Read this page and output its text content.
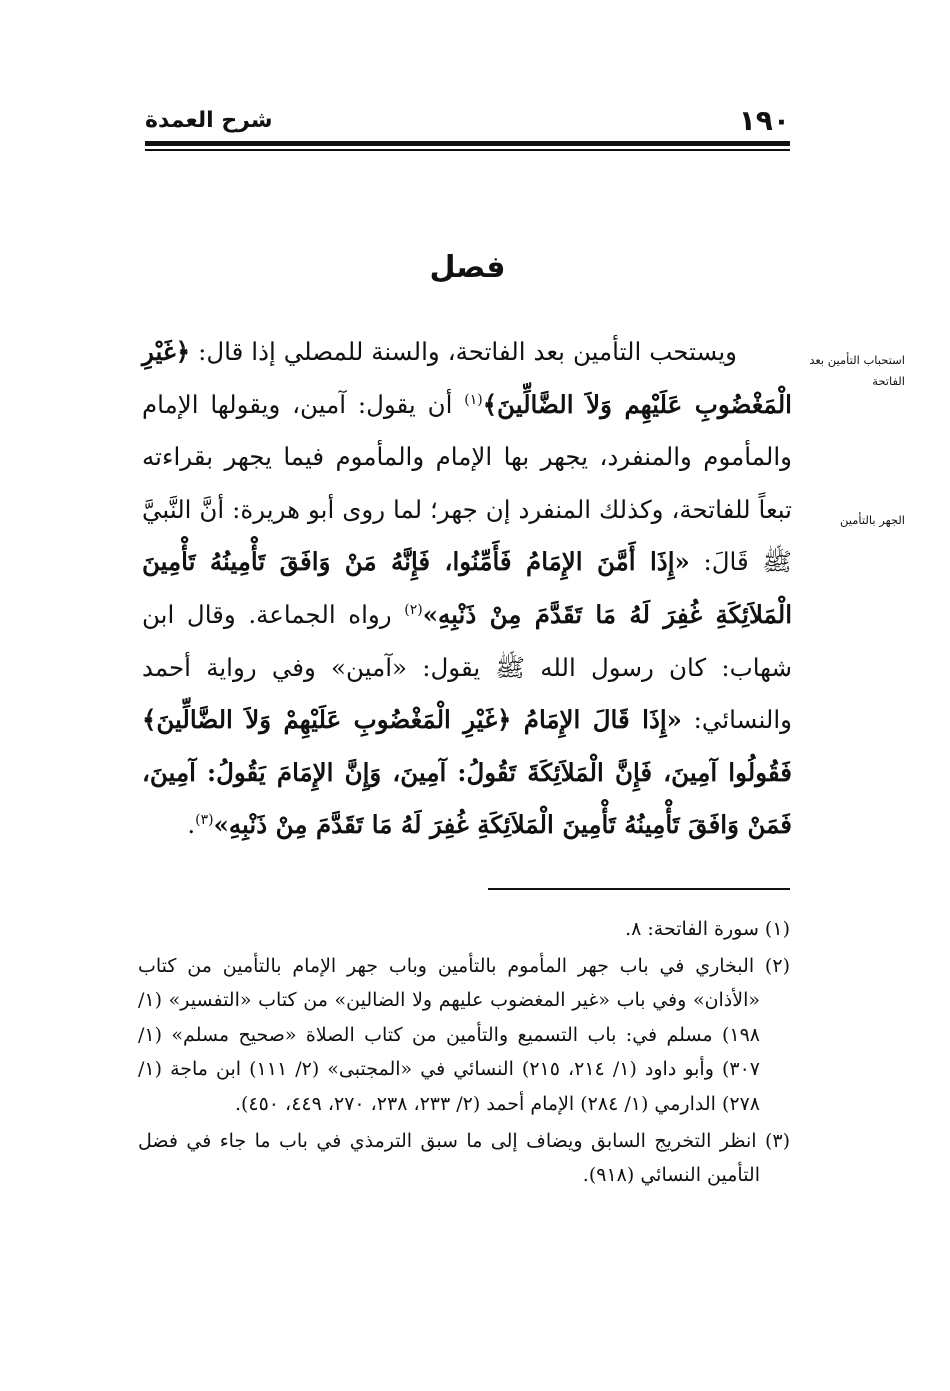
شرح العمدة	١٩٠
فصل
استحباب التأمين بعد الفاتحة
الجهر بالتأمين

ويستحب التأمين بعد الفاتحة، والسنة للمصلي إذا قال: ﴿غَيْرِ الْمَغْضُوبِ عَلَيْهِم وَلاَ الضَّالِّينَ﴾$^{(١)}$ أن يقول: آمين، ويقولها الإمام والمأموم والمنفرد، يجهر بها الإمام والمأموم فيما يجهر بقراءته تبعاً للفاتحة، وكذلك المنفرد إن جهر؛ لما روى أبو هريرة: أنَّ النَّبيَّ ﷺ قَالَ: «إِذَا أَمَّنَ الإِمَامُ فَأَمِّنُوا، فَإِنَّهُ مَنْ وَافَقَ تَأْمِينُهُ تَأْمِينَ الْمَلاَئِكَةِ غُفِرَ لَهُ مَا تَقَدَّمَ مِنْ ذَنْبِهِ»$^{(٢)}$ رواه الجماعة. وقال ابن شهاب: كان رسول الله ﷺ يقول: «آمين» وفي رواية أحمد والنسائي: «إِذَا قَالَ الإِمَامُ ﴿غَيْرِ الْمَغْضُوبِ عَلَيْهِمْ وَلاَ الضَّالِّينَ﴾ فَقُولُوا آمِينَ، فَإِنَّ الْمَلاَئِكَةَ تَقُولُ: آمِينَ، وَإِنَّ الإِمَامَ يَقُولُ: آمِينَ، فَمَنْ وَافَقَ تَأْمِينُهُ تَأْمِينَ الْمَلاَئِكَةِ غُفِرَ لَهُ مَا تَقَدَّمَ مِنْ ذَنْبِهِ»$^{(٣)}$.

(١) سورة الفاتحة: ٨.

(٢) البخاري في باب جهر المأموم بالتأمين وباب جهر الإمام بالتأمين من كتاب «الأذان» وفي باب «غير المغضوب عليهم ولا الضالين» من كتاب «التفسير» (١/ ١٩٨) مسلم في: باب التسميع والتأمين من كتاب الصلاة «صحيح مسلم» (١/ ٣٠٧) وأبو داود (١/ ٢١٤، ٢١٥) النسائي في «المجتبى» (٢/ ١١١) ابن ماجة (١/ ٢٧٨) الدارمي (١/ ٢٨٤) الإمام أحمد (٢/ ٢٣٣، ٢٣٨، ٢٧٠، ٤٤٩، ٤٥٠).

(٣) انظر التخريج السابق ويضاف إلى ما سبق الترمذي في باب ما جاء في فضل التأمين النسائي (٩١٨).
